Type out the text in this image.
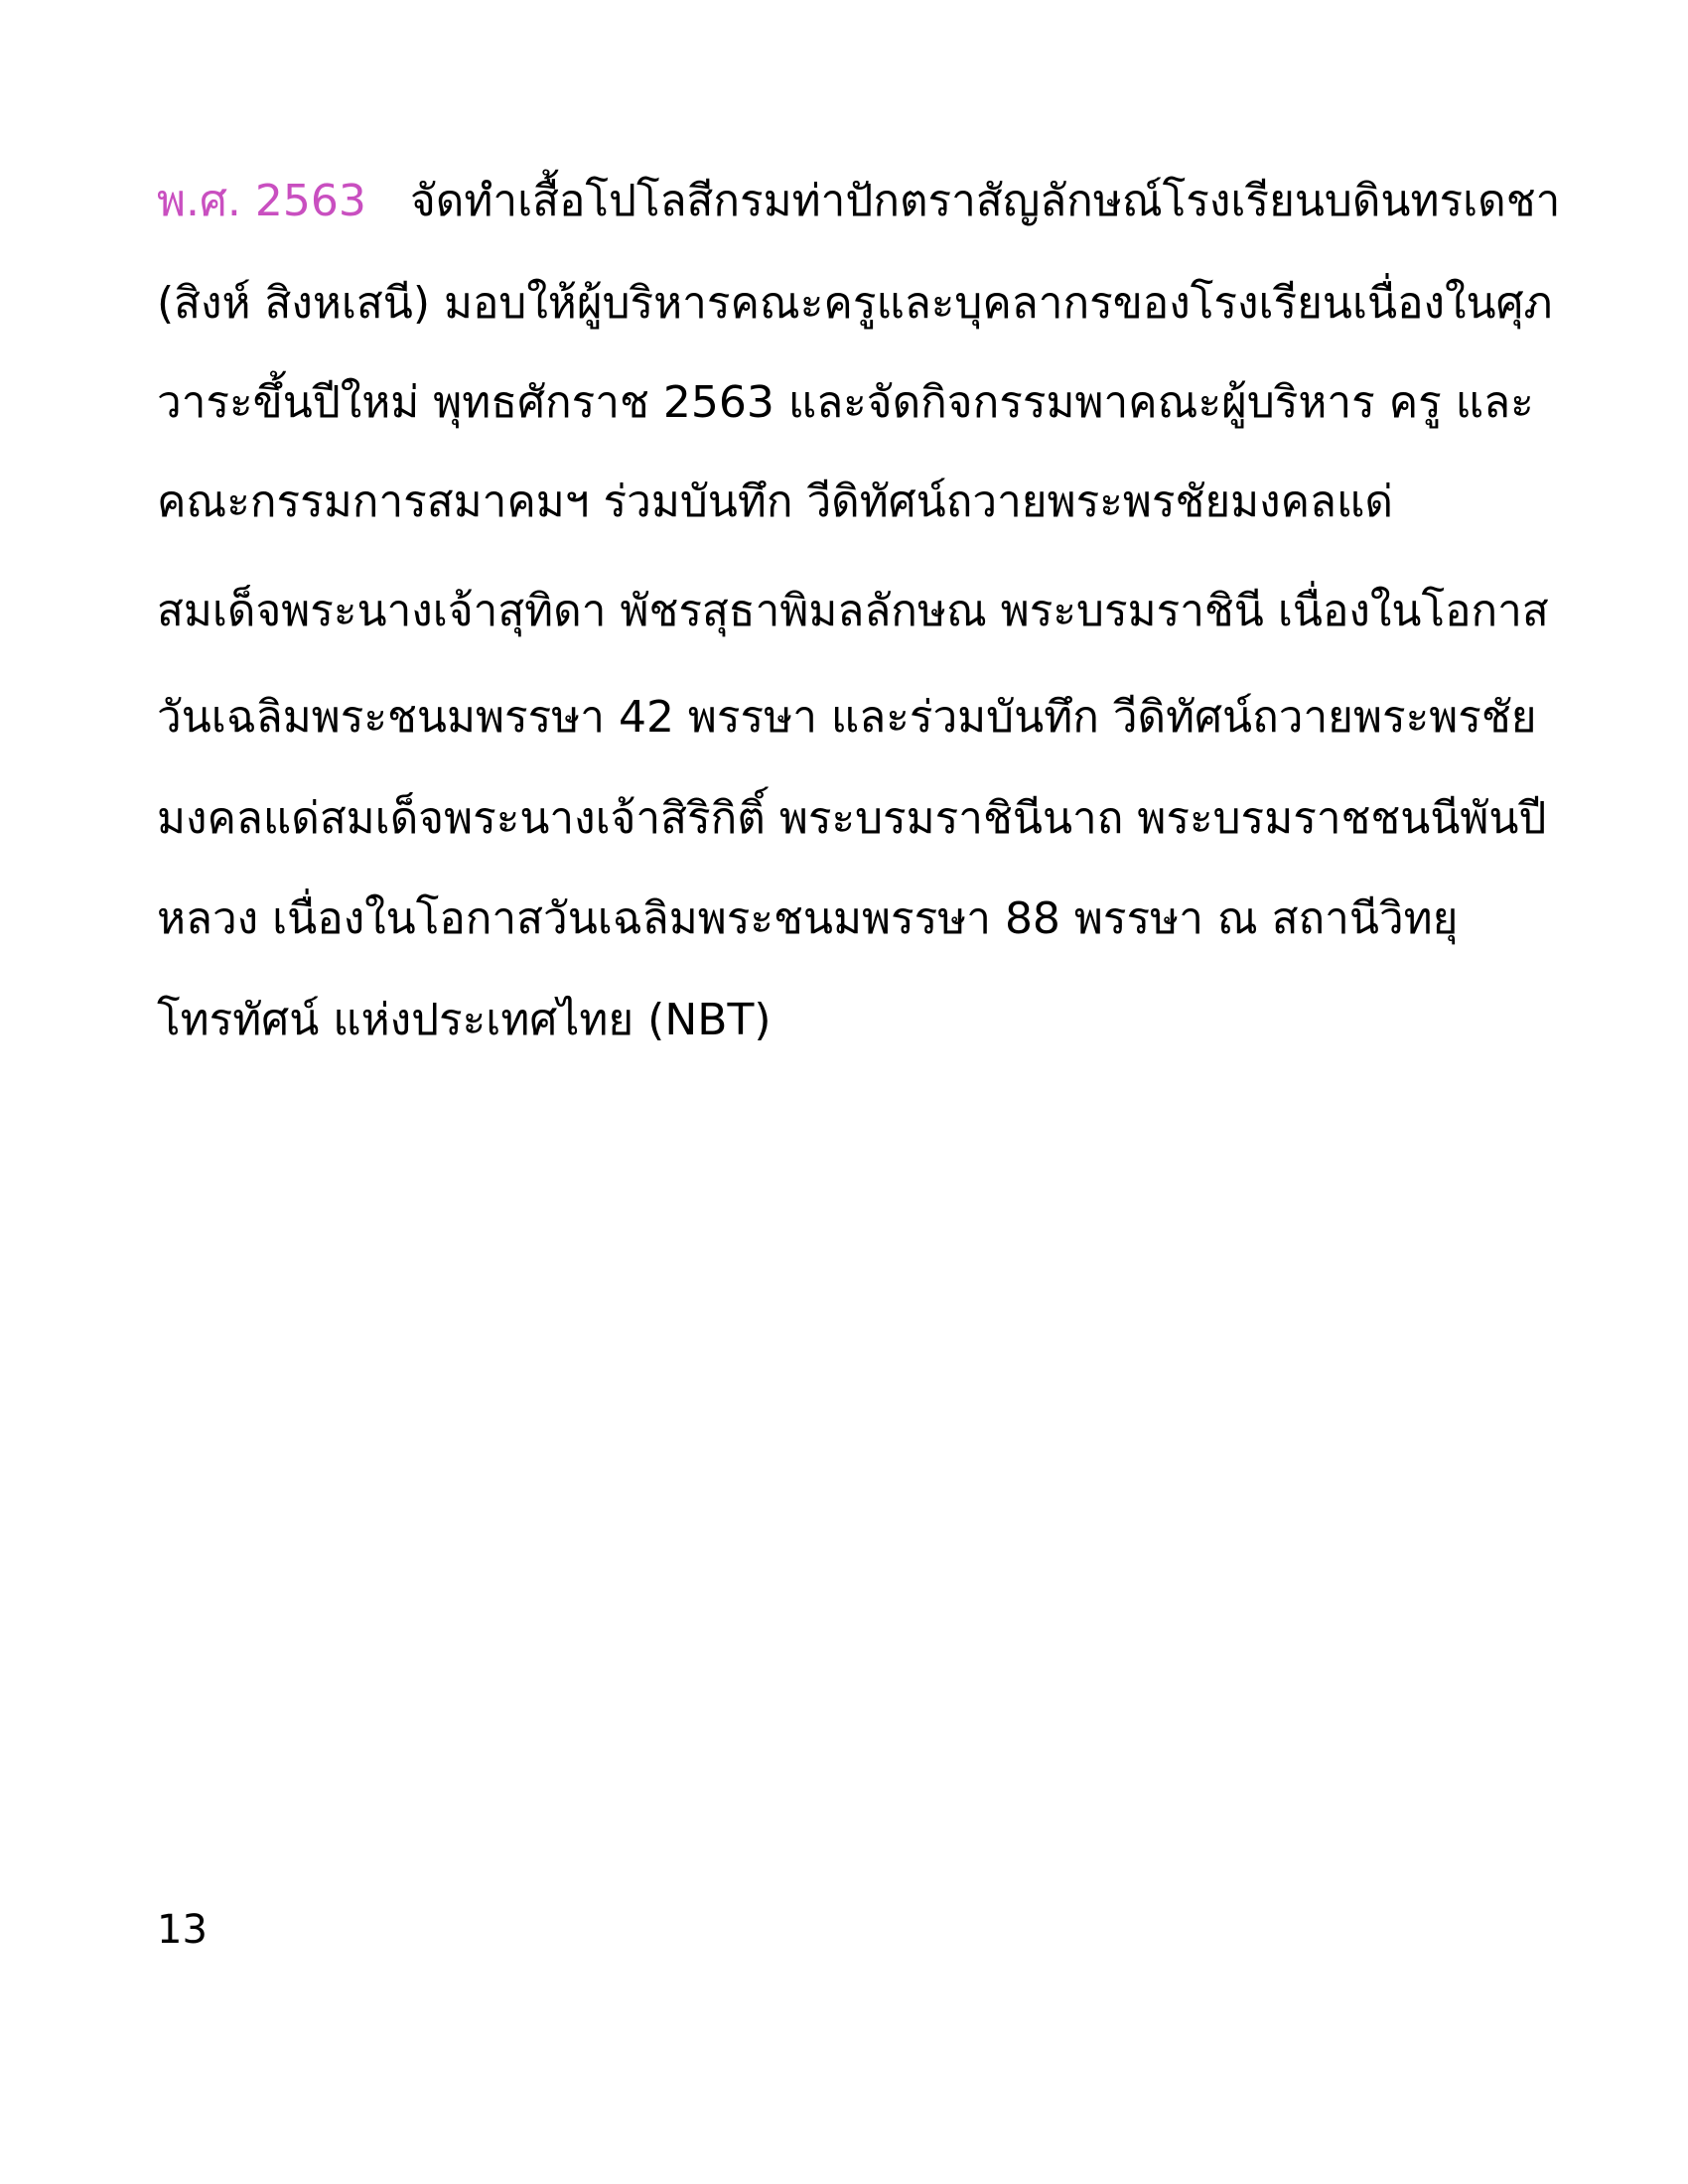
พ.ศ. 2563 จัดทำเสื้อโปโลสีกรมท่าปักตราสัญลักษณ์โรงเรียนบดินทรเดชา
(สิงห์ สิงหเสนี) มอบให้ผู้บริหารคณะครูและบุคลากรของโรงเรียนเนื่องในศุภ
วาระขึ้นปีใหม่ พุทธศักราช 2563 และจัดกิจกรรมพาคณะผู้บริหาร ครู และ
คณะกรรมการสมาคมฯ ร่วมบันทึก วีดิทัศน์ถวายพระพรชัยมงคลแด่
สมเด็จพระนางเจ้าสุทิดา พัชรสุธาพิมลลักษณ พระบรมราชินี เนื่องในโอกาส
วันเฉลิมพระชนมพรรษา 42 พรรษา และร่วมบันทึก วีดิทัศน์ถวายพระพรชัย
มงคลแด่สมเด็จพระนางเจ้าสิริกิติ์ พระบรมราชินีนาถ พระบรมราชชนนีพันปี
หลวง เนื่องในโอกาสวันเฉลิมพระชนมพรรษา 88 พรรษา ณ สถานีวิทยุ
โทรทัศน์ แห่งประเทศไทย (NBT)
13
